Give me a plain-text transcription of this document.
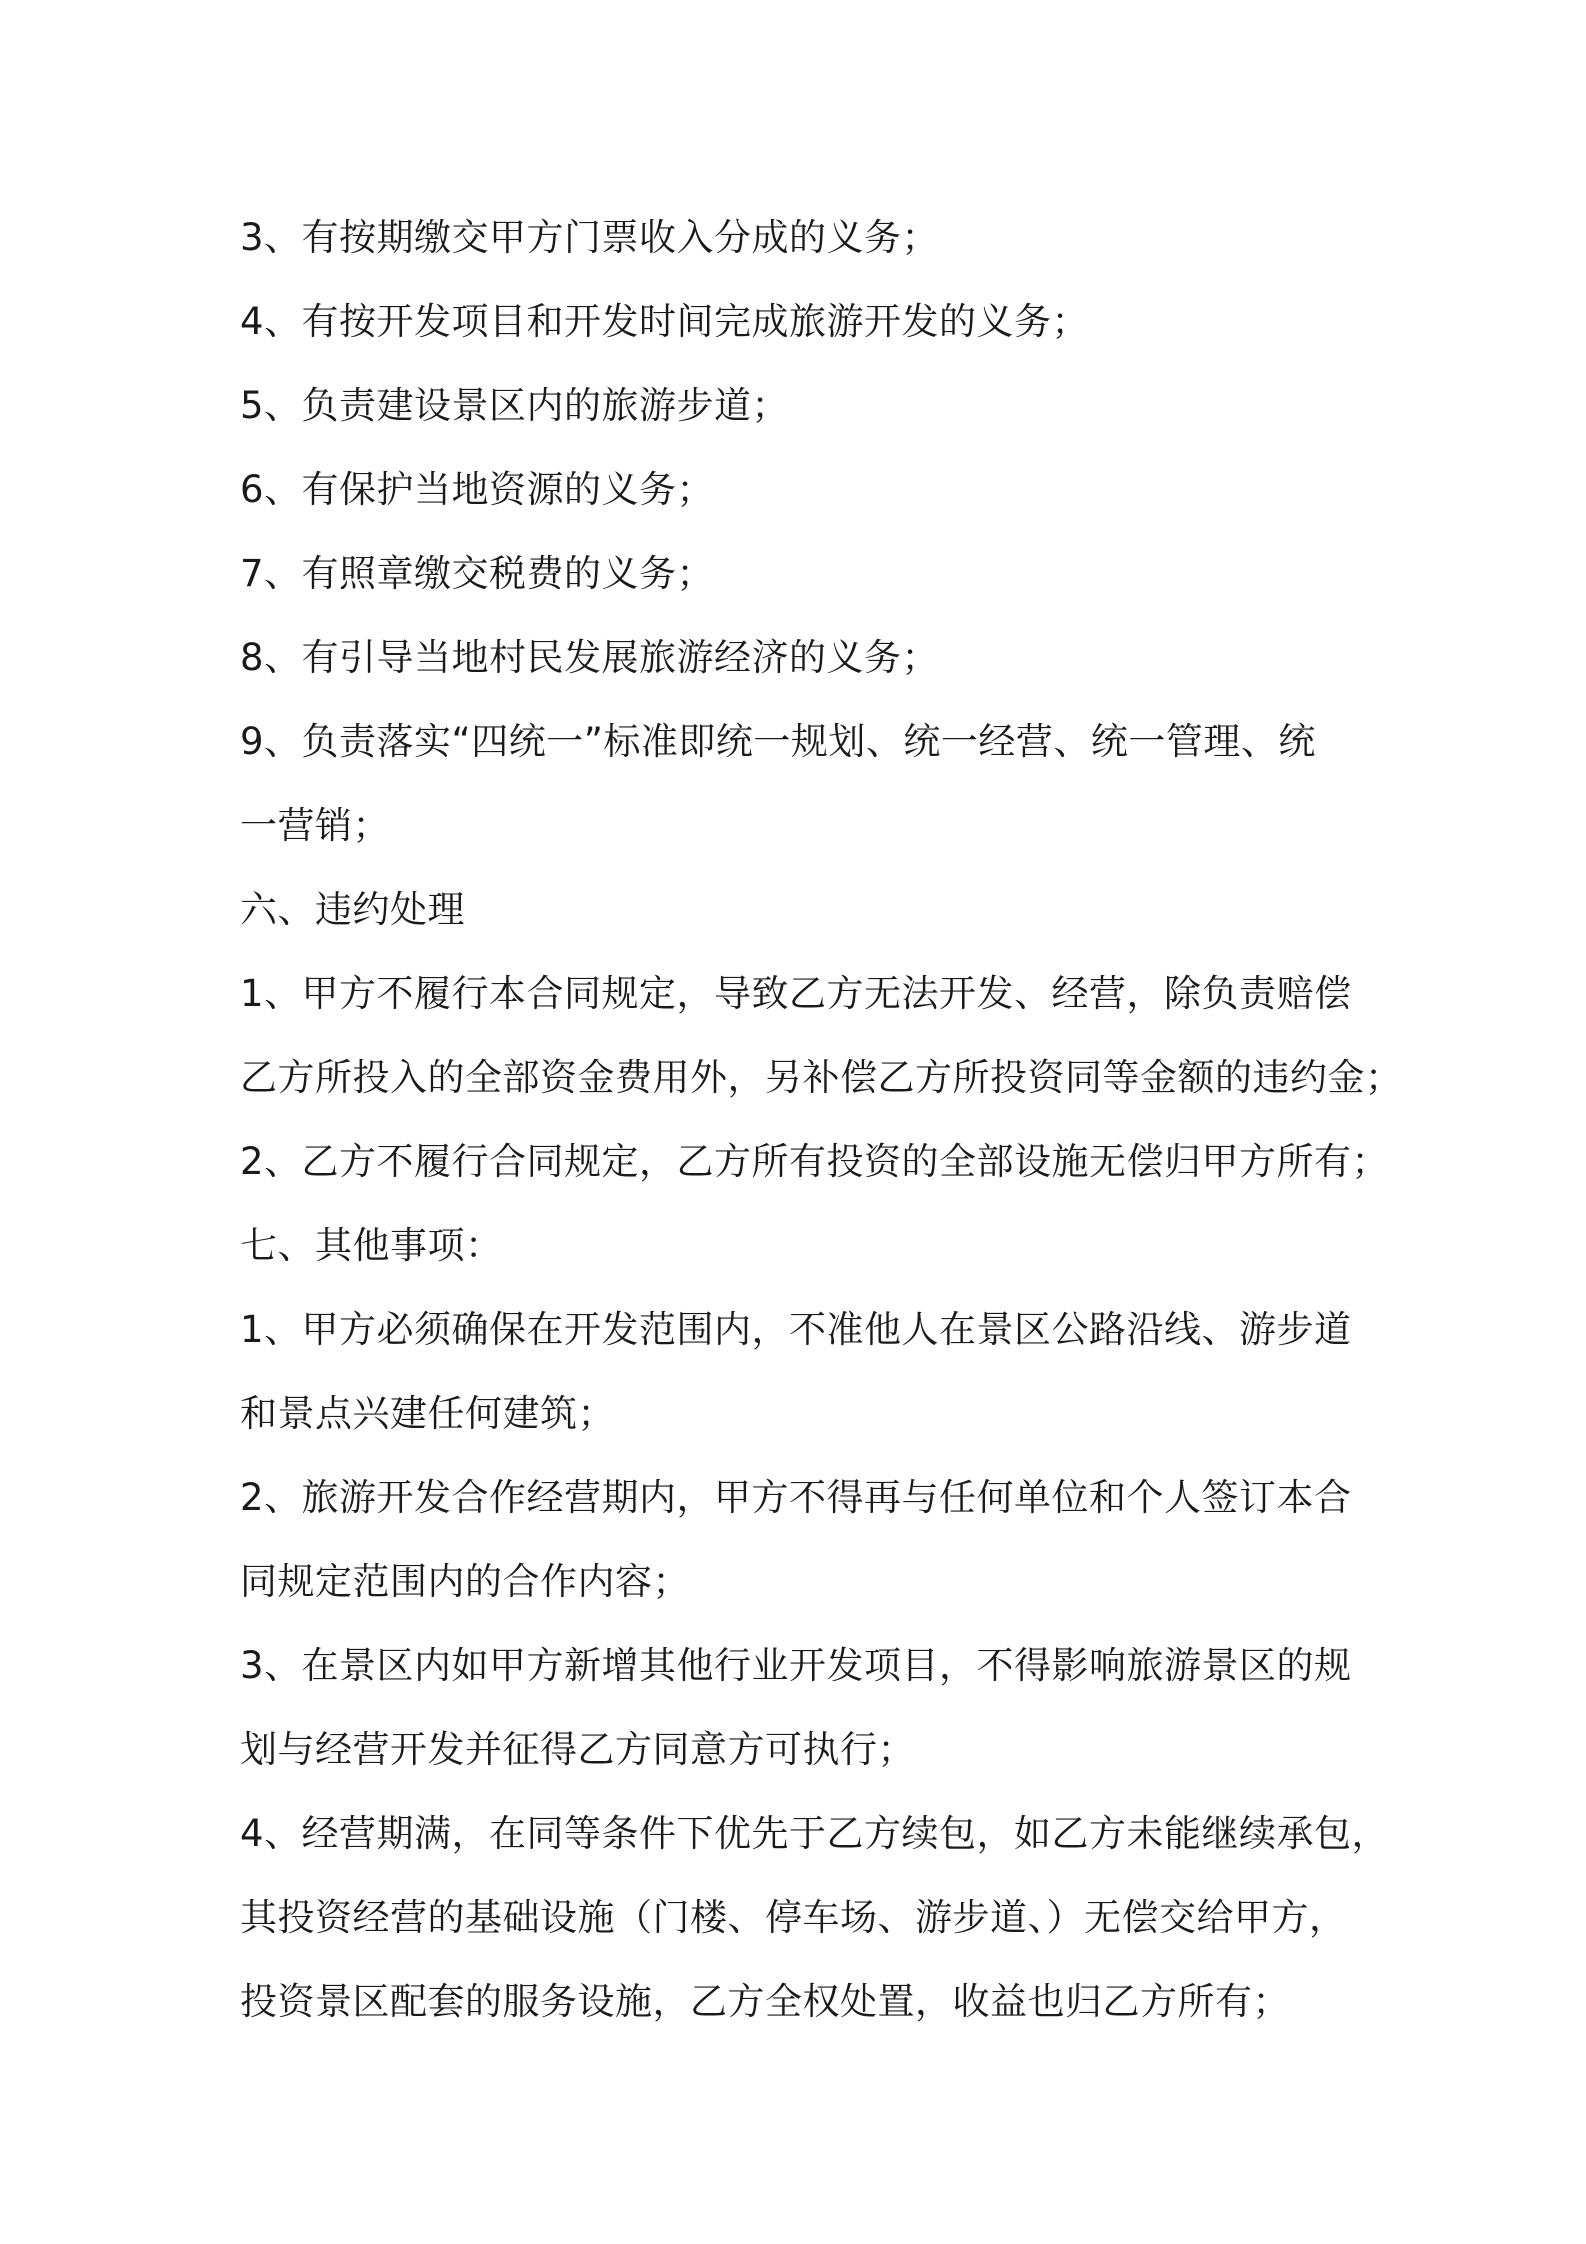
3、有按期缴交甲方门票收入分成的义务；
4、有按开发项目和开发时间完成旅游开发的义务；
5、负责建设景区内的旅游步道；
6、有保护当地资源的义务；
7、有照章缴交税费的义务；
8、有引导当地村民发展旅游经济的义务；
9、负责落实“四统一”标准即统一规划、统一经营、统一管理、统
一营销；
六、违约处理
1、甲方不履行本合同规定，导致乙方无法开发、经营，除负责赔偿
乙方所投入的全部资金费用外，另补偿乙方所投资同等金额的违约金；
2、乙方不履行合同规定，乙方所有投资的全部设施无偿归甲方所有；
七、其他事项：
1、甲方必须确保在开发范围内，不准他人在景区公路沿线、游步道
和景点兴建任何建筑；
2、旅游开发合作经营期内，甲方不得再与任何单位和个人签订本合
同规定范围内的合作内容；
3、在景区内如甲方新增其他行业开发项目，不得影响旅游景区的规
划与经营开发并征得乙方同意方可执行；
4、经营期满，在同等条件下优先于乙方续包，如乙方未能继续承包，
其投资经营的基础设施（门楼、停车场、游步道、）无偿交给甲方，
投资景区配套的服务设施，乙方全权处置，收益也归乙方所有；
